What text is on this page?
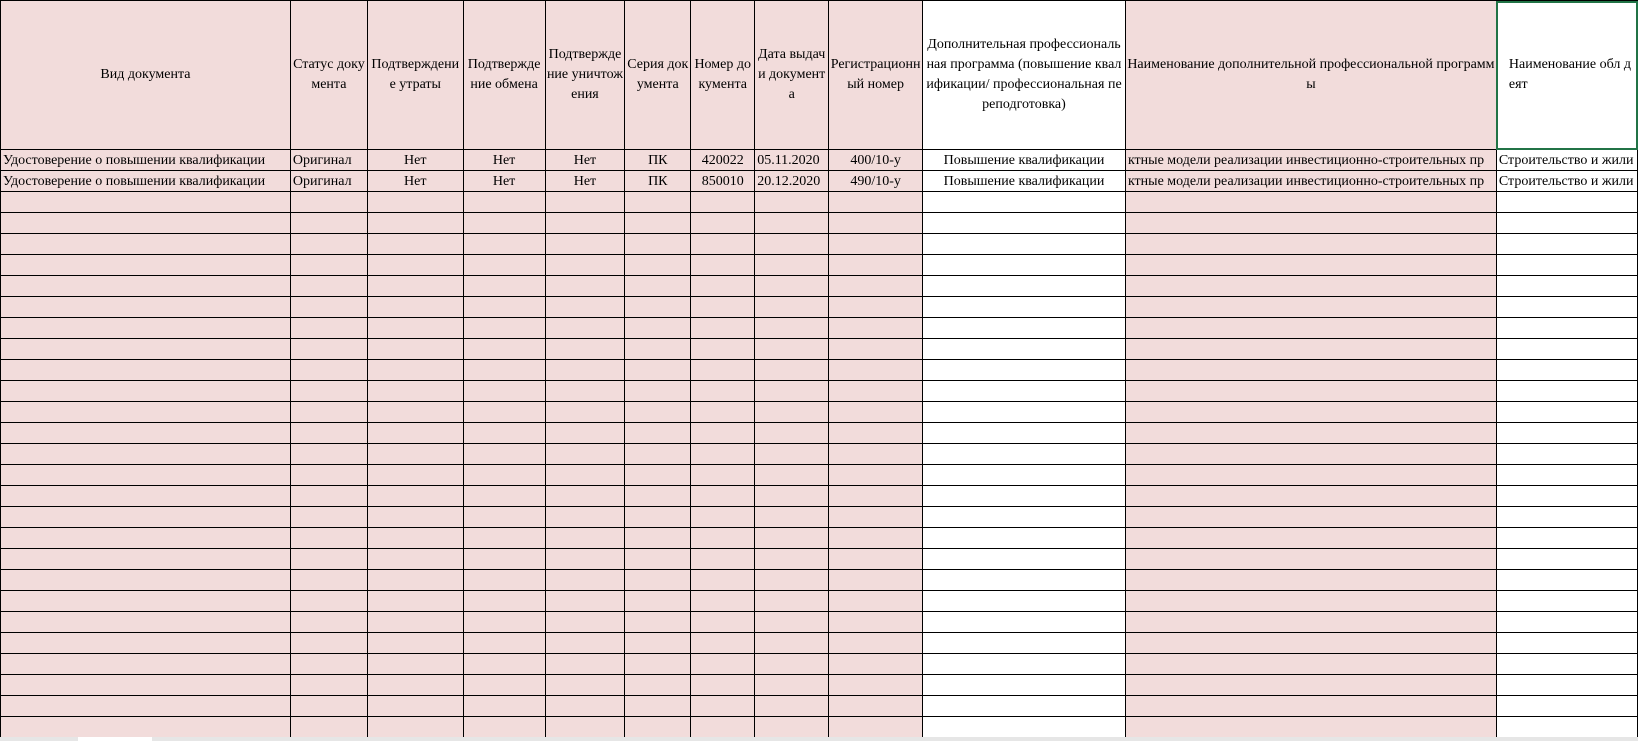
Вид документа	Статус документа	Подтверждение утраты	Подтверждение обмена	Подтверждение уничтожения	Серия документа	Номер документа	Дата выдачи документа	Регистрационный номер	Дополнительная профессиональная программа (повышение квалификации/ профессиональная переподготовка)	Наименование дополнительной профессиональной программы	Наименование обл деят
Удостоверение о повышении квалификации	Оригинал	Нет	Нет	Нет	ПК	420022	05.11.2020	400/10-у	Повышение квалификации	ктные модели реализации инвестиционно-строительных пр	Строительство и жили
Удостоверение о повышении квалификации	Оригинал	Нет	Нет	Нет	ПК	850010	20.12.2020	490/10-у	Повышение квалификации	ктные модели реализации инвестиционно-строительных пр	Строительство и жили
